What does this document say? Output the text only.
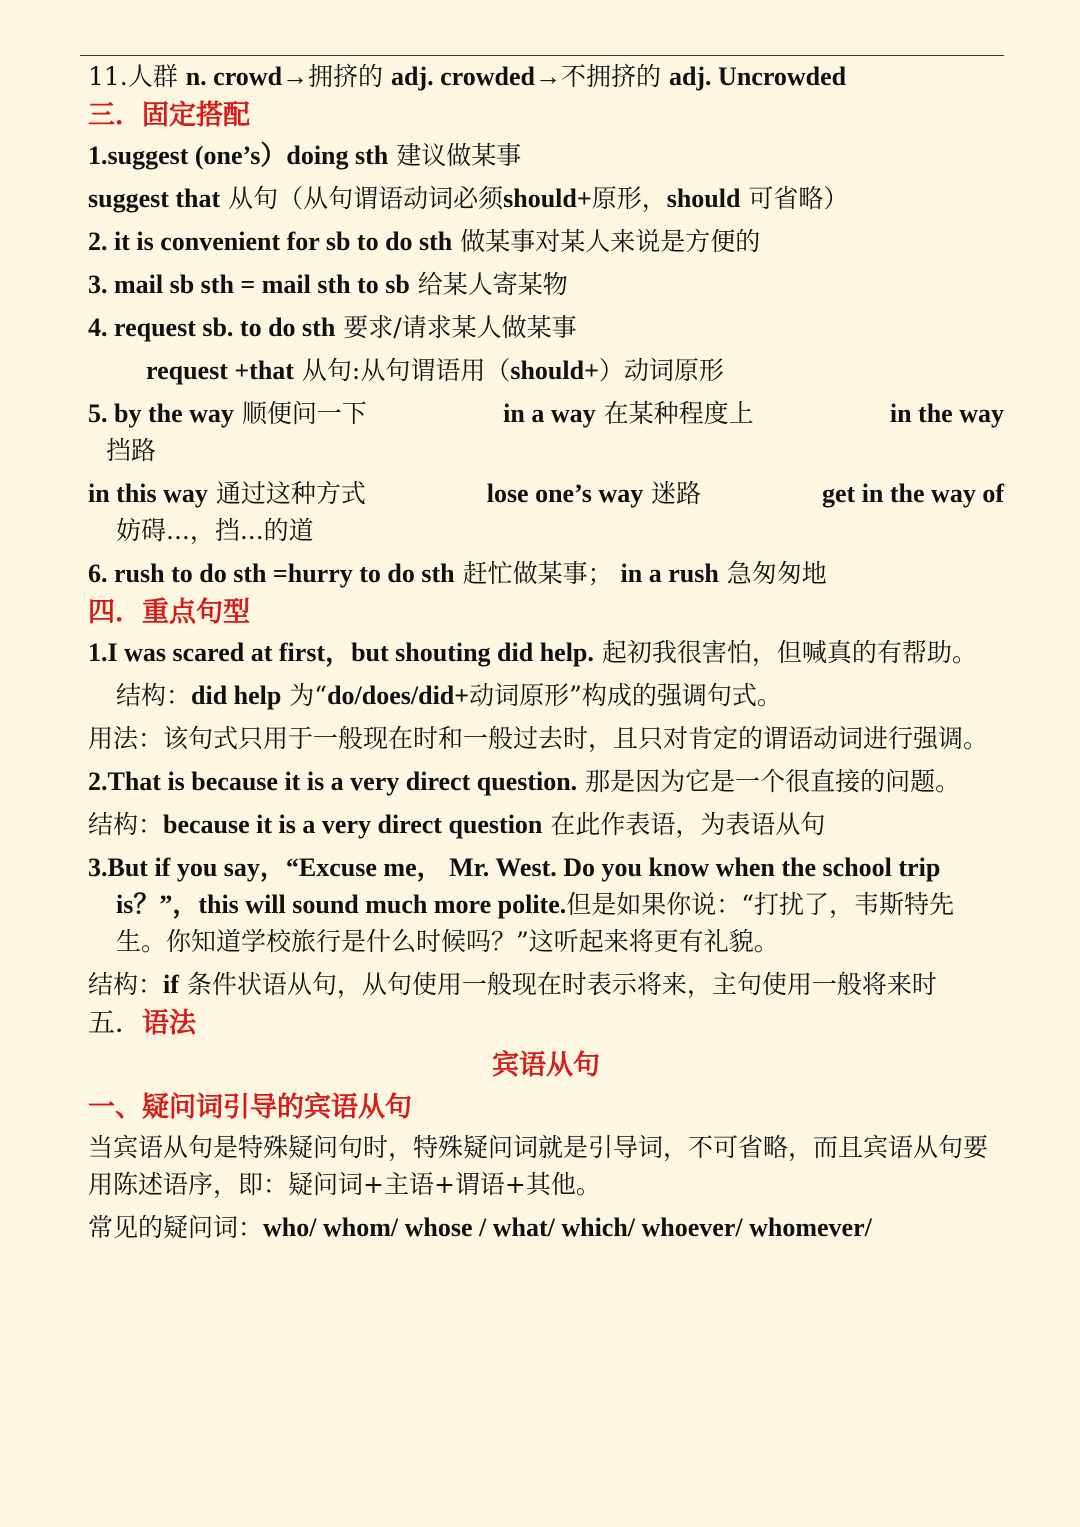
11.人群 n. crowd→拥挤的 adj. crowded→不拥挤的 adj. Uncrowded

三．固定搭配

1.suggest (one’s）doing sth 建议做某事

suggest that 从句（从句谓语动词必须should+原形，should 可省略）

2. it is convenient for sb to do sth 做某事对某人来说是方便的

3. mail sb sth = mail sth to sb 给某人寄某物

4. request sb. to do sth 要求/请求某人做某事

request +that 从句:从句谓语用（should+）动词原形

5. by the way 顺便问一下	in a way 在某种程度上	in the way
挡路
in this way 通过这种方式	lose one’s way 迷路	get in the way of
妨碍...，挡...的道

6. rush to do sth =hurry to do sth 赶忙做某事； in a rush 急匆匆地

四．重点句型

1.I was scared at first，but shouting did help. 起初我很害怕，但喊真的有帮助。

结构：did help 为“do/does/did+动词原形”构成的强调句式。

用法：该句式只用于一般现在时和一般过去时，且只对肯定的谓语动词进行强调。

2.That is because it is a very direct question. 那是因为它是一个很直接的问题。

结构：because it is a very direct question 在此作表语，为表语从句

3.But if you say，“Excuse me， Mr. West. Do you know when the school trip is？”，this will sound much more polite.但是如果你说：“打扰了，韦斯特先生。你知道学校旅行是什么时候吗？”这听起来将更有礼貌。

结构：if 条件状语从句，从句使用一般现在时表示将来，主句使用一般将来时

五．语法

宾语从句

一、疑问词引导的宾语从句

当宾语从句是特殊疑问句时，特殊疑问词就是引导词，不可省略，而且宾语从句要用陈述语序，即：疑问词+主语+谓语+其他。

常见的疑问词：who/ whom/ whose / what/ which/ whoever/ whomever/
